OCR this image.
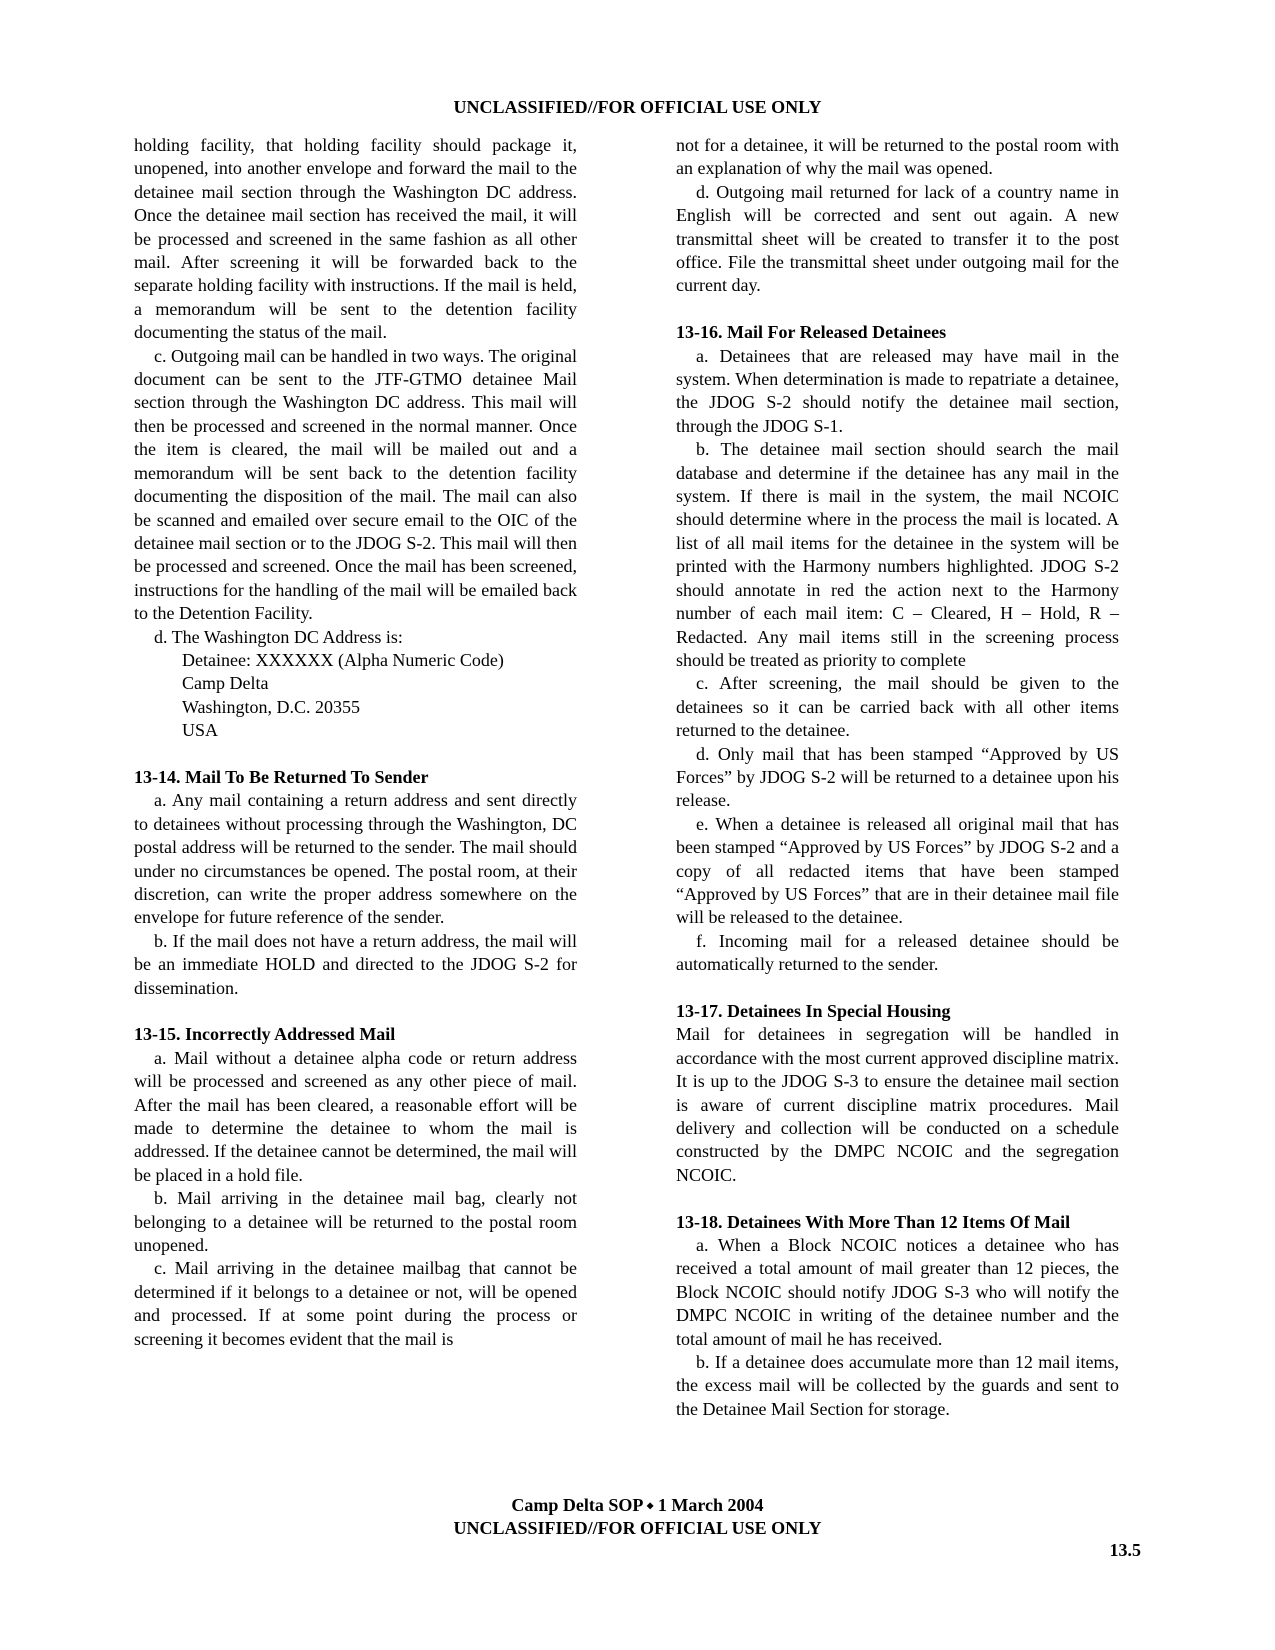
UNCLASSIFIED//FOR OFFICIAL USE ONLY

holding facility, that holding facility should package it, unopened, into another envelope and forward the mail to the detainee mail section through the Washington DC address. Once the detainee mail section has received the mail, it will be processed and screened in the same fashion as all other mail. After screening it will be forwarded back to the separate holding facility with instructions. If the mail is held, a memorandum will be sent to the detention facility documenting the status of the mail.

c. Outgoing mail can be handled in two ways. The original document can be sent to the JTF-GTMO detainee Mail section through the Washington DC address. This mail will then be processed and screened in the normal manner. Once the item is cleared, the mail will be mailed out and a memorandum will be sent back to the detention facility documenting the disposition of the mail. The mail can also be scanned and emailed over secure email to the OIC of the detainee mail section or to the JDOG S-2. This mail will then be processed and screened. Once the mail has been screened, instructions for the handling of the mail will be emailed back to the Detention Facility.

d. The Washington DC Address is:
Detainee: XXXXXX (Alpha Numeric Code)
Camp Delta
Washington, D.C. 20355
USA
13-14. Mail To Be Returned To Sender

a. Any mail containing a return address and sent directly to detainees without processing through the Washington, DC postal address will be returned to the sender. The mail should under no circumstances be opened. The postal room, at their discretion, can write the proper address somewhere on the envelope for future reference of the sender.

b. If the mail does not have a return address, the mail will be an immediate HOLD and directed to the JDOG S-2 for dissemination.

13-15. Incorrectly Addressed Mail

a. Mail without a detainee alpha code or return address will be processed and screened as any other piece of mail. After the mail has been cleared, a reasonable effort will be made to determine the detainee to whom the mail is addressed. If the detainee cannot be determined, the mail will be placed in a hold file.

b. Mail arriving in the detainee mail bag, clearly not belonging to a detainee will be returned to the postal room unopened.

c. Mail arriving in the detainee mailbag that cannot be determined if it belongs to a detainee or not, will be opened and processed. If at some point during the process or screening it becomes evident that the mail is

not for a detainee, it will be returned to the postal room with an explanation of why the mail was opened.

d. Outgoing mail returned for lack of a country name in English will be corrected and sent out again. A new transmittal sheet will be created to transfer it to the post office. File the transmittal sheet under outgoing mail for the current day.

13-16. Mail For Released Detainees

a. Detainees that are released may have mail in the system. When determination is made to repatriate a detainee, the JDOG S-2 should notify the detainee mail section, through the JDOG S-1.

b. The detainee mail section should search the mail database and determine if the detainee has any mail in the system. If there is mail in the system, the mail NCOIC should determine where in the process the mail is located. A list of all mail items for the detainee in the system will be printed with the Harmony numbers highlighted. JDOG S-2 should annotate in red the action next to the Harmony number of each mail item: C – Cleared, H – Hold, R – Redacted. Any mail items still in the screening process should be treated as priority to complete

c. After screening, the mail should be given to the detainees so it can be carried back with all other items returned to the detainee.

d. Only mail that has been stamped “Approved by US Forces” by JDOG S-2 will be returned to a detainee upon his release.

e. When a detainee is released all original mail that has been stamped “Approved by US Forces” by JDOG S-2 and a copy of all redacted items that have been stamped “Approved by US Forces” that are in their detainee mail file will be released to the detainee.

f. Incoming mail for a released detainee should be automatically returned to the sender.

13-17. Detainees In Special Housing

Mail for detainees in segregation will be handled in accordance with the most current approved discipline matrix. It is up to the JDOG S-3 to ensure the detainee mail section is aware of current discipline matrix procedures. Mail delivery and collection will be conducted on a schedule constructed by the DMPC NCOIC and the segregation NCOIC.

13-18. Detainees With More Than 12 Items Of Mail

a. When a Block NCOIC notices a detainee who has received a total amount of mail greater than 12 pieces, the Block NCOIC should notify JDOG S-3 who will notify the DMPC NCOIC in writing of the detainee number and the total amount of mail he has received.

b. If a detainee does accumulate more than 12 mail items, the excess mail will be collected by the guards and sent to the Detainee Mail Section for storage.

Camp Delta SOP ⬩ 1 March 2004
UNCLASSIFIED//FOR OFFICIAL USE ONLY
13.5
